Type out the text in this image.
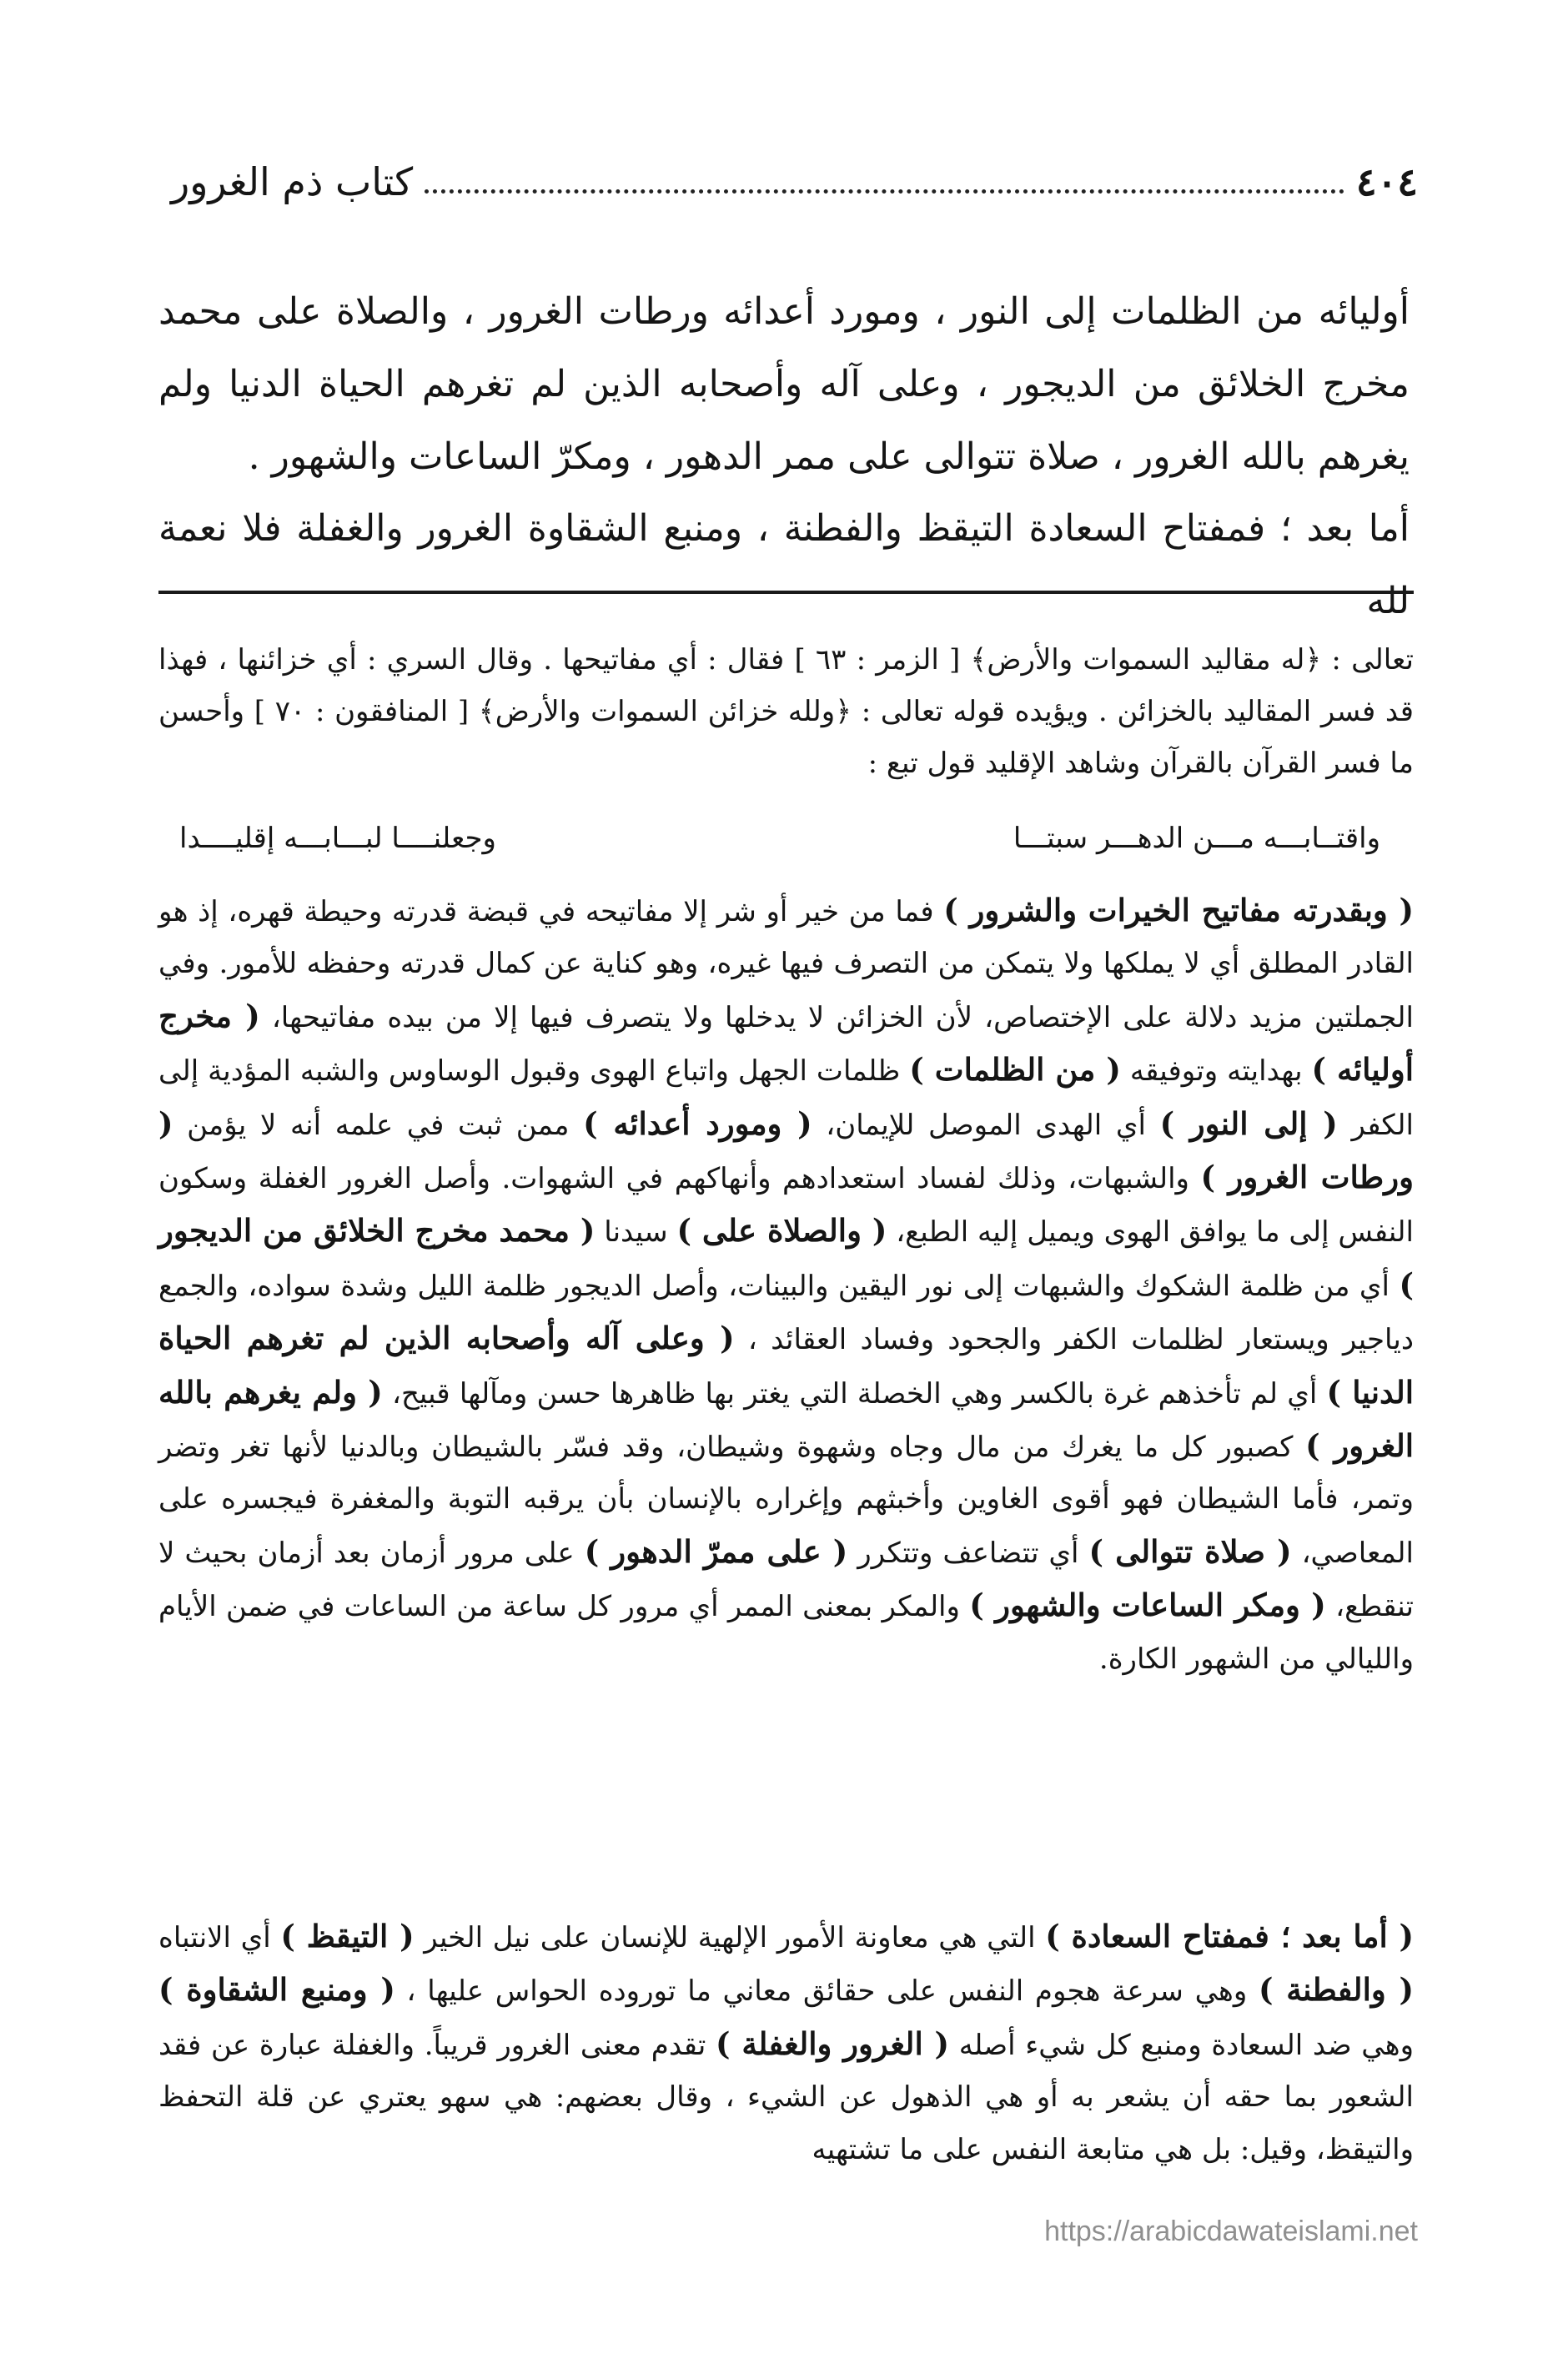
٤٠٤
كتاب ذم الغرور

أوليائه من الظلمات إلى النور ، ومورد أعدائه ورطات الغرور ، والصلاة على محمد مخرج الخلائق من الديجور ، وعلى آله وأصحابه الذين لم تغرهم الحياة الدنيا ولم يغرهم بالله الغرور ، صلاة تتوالى على ممر الدهور ، ومكرّ الساعات والشهور .

أما بعد ؛ فمفتاح السعادة التيقظ والفطنة ، ومنبع الشقاوة الغرور والغفلة فلا نعمة لله

تعالى : ﴿له مقاليد السموات والأرض﴾ [ الزمر : ٦٣ ] فقال : أي مفاتيحها . وقال السري : أي خزائنها ، فهذا قد فسر المقاليد بالخزائن . ويؤيده قوله تعالى : ﴿ولله خزائن السموات والأرض﴾ [ المنافقون : ٧٠ ] وأحسن ما فسر القرآن بالقرآن وشاهد الإقليد قول تبع :

واقتــابـــه مـــن الدهـــر سبتـــا
وجعلنــــا لبـــابـــه إقليــــدا

( وبقدرته مفاتيح الخيرات والشرور ) فما من خير أو شر إلا مفاتيحه في قبضة قدرته وحيطة قهره، إذ هو القادر المطلق أي لا يملكها ولا يتمكن من التصرف فيها غيره، وهو كناية عن كمال قدرته وحفظه للأمور. وفي الجملتين مزيد دلالة على الإختصاص، لأن الخزائن لا يدخلها ولا يتصرف فيها إلا من بيده مفاتيحها، ( مخرج أوليائه ) بهدايته وتوفيقه ( من الظلمات ) ظلمات الجهل واتباع الهوى وقبول الوساوس والشبه المؤدية إلى الكفر ( إلى النور ) أي الهدى الموصل للإيمان، ( ومورد أعدائه ) ممن ثبت في علمه أنه لا يؤمن ( ورطات الغرور ) والشبهات، وذلك لفساد استعدادهم وأنهاكهم في الشهوات. وأصل الغرور الغفلة وسكون النفس إلى ما يوافق الهوى ويميل إليه الطبع، ( والصلاة على ) سيدنا ( محمد مخرج الخلائق من الديجور ) أي من ظلمة الشكوك والشبهات إلى نور اليقين والبينات، وأصل الديجور ظلمة الليل وشدة سواده، والجمع دياجير ويستعار لظلمات الكفر والجحود وفساد العقائد ، ( وعلى آله وأصحابه الذين لم تغرهم الحياة الدنيا ) أي لم تأخذهم غرة بالكسر وهي الخصلة التي يغتر بها ظاهرها حسن ومآلها قبيح، ( ولم يغرهم بالله الغرور ) كصبور كل ما يغرك من مال وجاه وشهوة وشيطان، وقد فسّر بالشيطان وبالدنيا لأنها تغر وتضر وتمر، فأما الشيطان فهو أقوى الغاوين وأخبثهم وإغراره بالإنسان بأن يرقبه التوبة والمغفرة فيجسره على المعاصي، ( صلاة تتوالى ) أي تتضاعف وتتكرر ( على ممرّ الدهور ) على مرور أزمان بعد أزمان بحيث لا تنقطع، ( ومكر الساعات والشهور ) والمكر بمعنى الممر أي مرور كل ساعة من الساعات في ضمن الأيام والليالي من الشهور الكارة.

( أما بعد ؛ فمفتاح السعادة ) التي هي معاونة الأمور الإلهية للإنسان على نيل الخير ( التيقظ ) أي الانتباه ( والفطنة ) وهي سرعة هجوم النفس على حقائق معاني ما توروده الحواس عليها ، ( ومنبع الشقاوة ) وهي ضد السعادة ومنبع كل شيء أصله ( الغرور والغفلة ) تقدم معنى الغرور قريباً. والغفلة عبارة عن فقد الشعور بما حقه أن يشعر به أو هي الذهول عن الشيء ، وقال بعضهم: هي سهو يعتري عن قلة التحفظ والتيقظ، وقيل: بل هي متابعة النفس على ما تشتهيه

https://arabicdawateislami.net
